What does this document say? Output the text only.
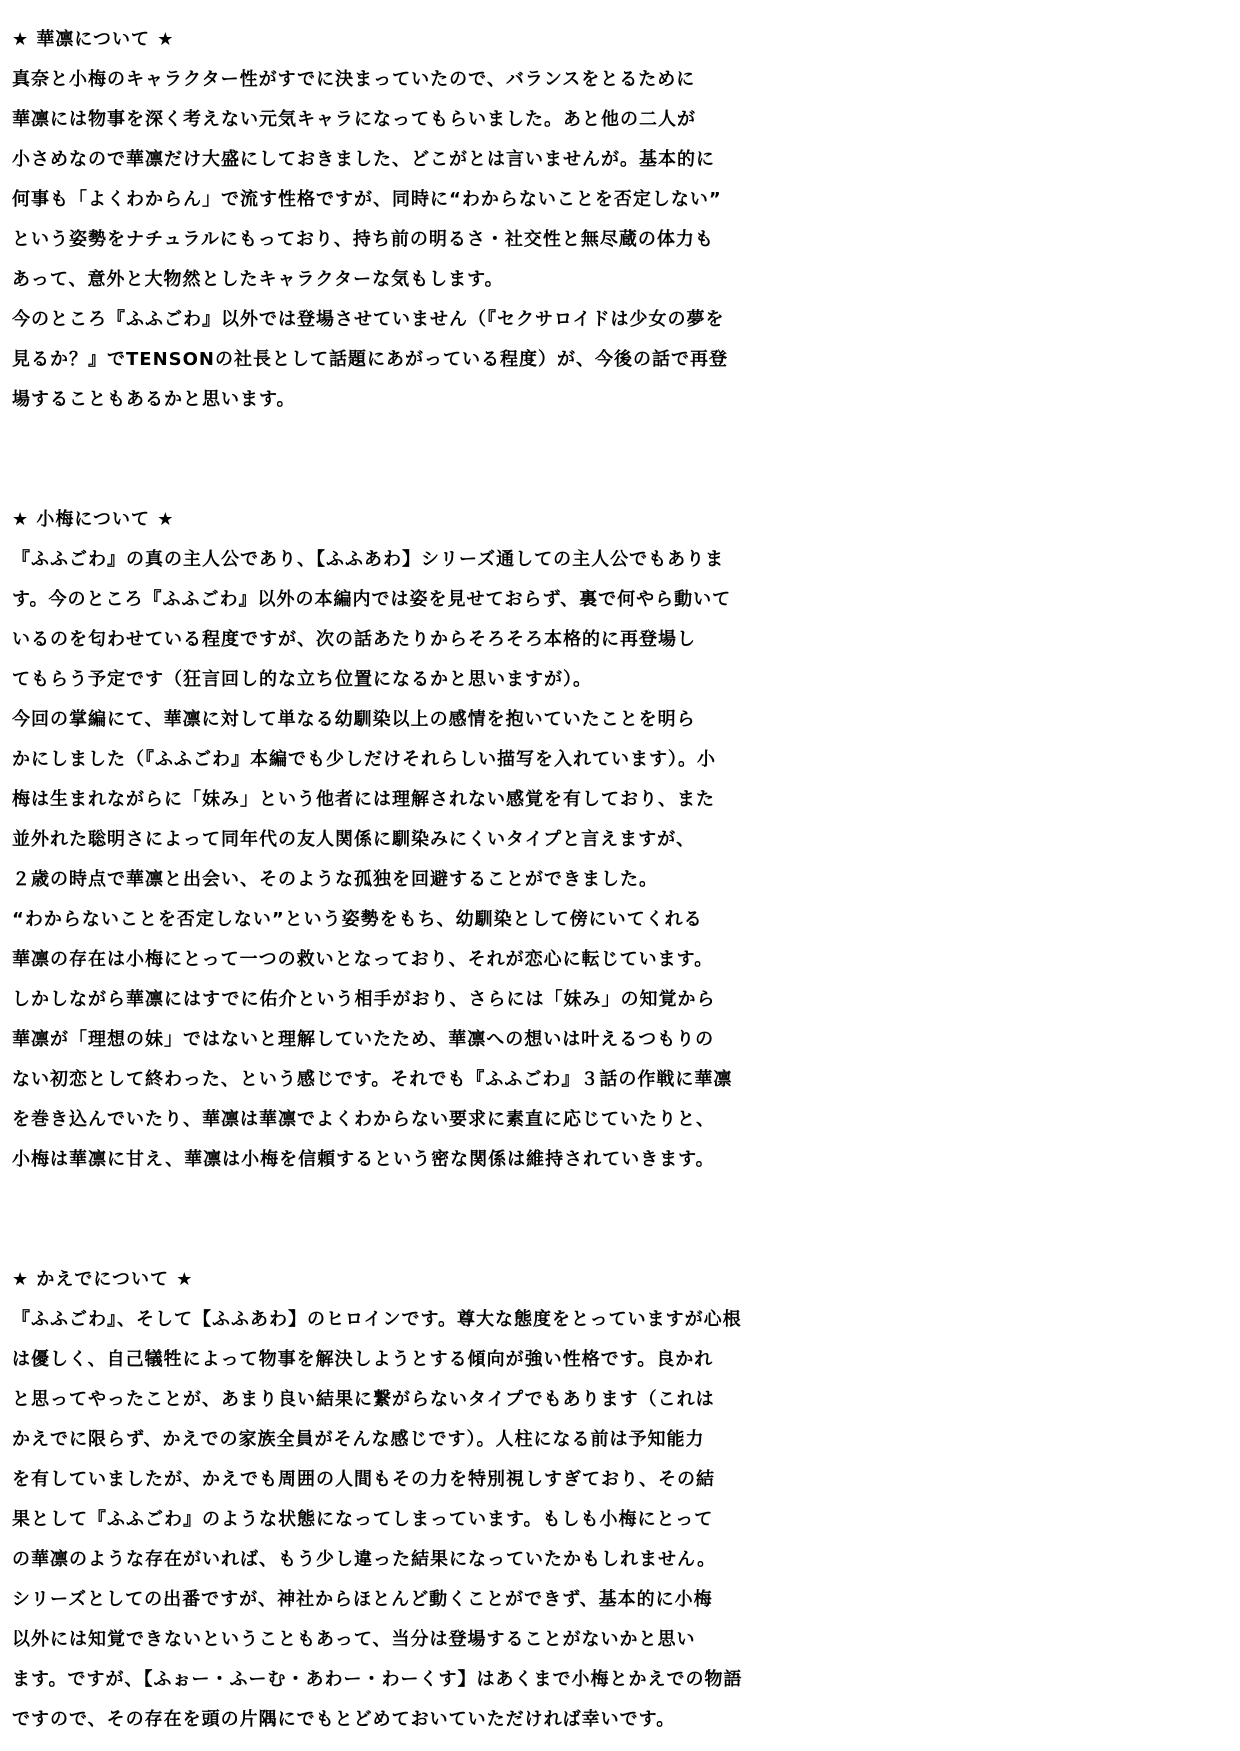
★ 華凛について ★
真奈と小梅のキャラクター性がすでに決まっていたので、バランスをとるために
華凛には物事を深く考えない元気キャラになってもらいました。あと他の二人が
小さめなので華凛だけ大盛にしておきました、どこがとは言いませんが。基本的に
何事も「よくわからん」で流す性格ですが、同時に“わからないことを否定しない”
という姿勢をナチュラルにもっており、持ち前の明るさ・社交性と無尽蔵の体力も
あって、意外と大物然としたキャラクターな気もします。
今のところ『ふふごわ』以外では登場させていません（『セクサロイドは少女の夢を
見るか？』でTENSONの社長として話題にあがっている程度）が、今後の話で再登
場することもあるかと思います。
★ 小梅について ★
『ふふごわ』の真の主人公であり、【ふふあわ】シリーズ通しての主人公でもありま
す。今のところ『ふふごわ』以外の本編内では姿を見せておらず、裏で何やら動いて
いるのを匂わせている程度ですが、次の話あたりからそろそろ本格的に再登場し
てもらう予定です（狂言回し的な立ち位置になるかと思いますが）。
今回の掌編にて、華凛に対して単なる幼馴染以上の感情を抱いていたことを明ら
かにしました（『ふふごわ』本編でも少しだけそれらしい描写を入れています）。小
梅は生まれながらに「妹み」という他者には理解されない感覚を有しており、また
並外れた聡明さによって同年代の友人関係に馴染みにくいタイプと言えますが、
２歳の時点で華凛と出会い、そのような孤独を回避することができました。
“わからないことを否定しない”という姿勢をもち、幼馴染として傍にいてくれる
華凛の存在は小梅にとって一つの救いとなっており、それが恋心に転じています。
しかしながら華凛にはすでに佑介という相手がおり、さらには「妹み」の知覚から
華凛が「理想の妹」ではないと理解していたため、華凛への想いは叶えるつもりの
ない初恋として終わった、という感じです。それでも『ふふごわ』３話の作戦に華凛
を巻き込んでいたり、華凛は華凛でよくわからない要求に素直に応じていたりと、
小梅は華凛に甘え、華凛は小梅を信頼するという密な関係は維持されていきます。
★ かえでについて ★
『ふふごわ』、そして【ふふあわ】のヒロインです。尊大な態度をとっていますが心根
は優しく、自己犠牲によって物事を解決しようとする傾向が強い性格です。良かれ
と思ってやったことが、あまり良い結果に繋がらないタイプでもあります（これは
かえでに限らず、かえでの家族全員がそんな感じです）。人柱になる前は予知能力
を有していましたが、かえでも周囲の人間もその力を特別視しすぎており、その結
果として『ふふごわ』のような状態になってしまっています。もしも小梅にとって
の華凛のような存在がいれば、もう少し違った結果になっていたかもしれません。
シリーズとしての出番ですが、神社からほとんど動くことができず、基本的に小梅
以外には知覚できないということもあって、当分は登場することがないかと思い
ます。ですが、【ふぉー・ふーむ・あわー・わーくす】はあくまで小梅とかえでの物語
ですので、その存在を頭の片隅にでもとどめておいていただければ幸いです。
